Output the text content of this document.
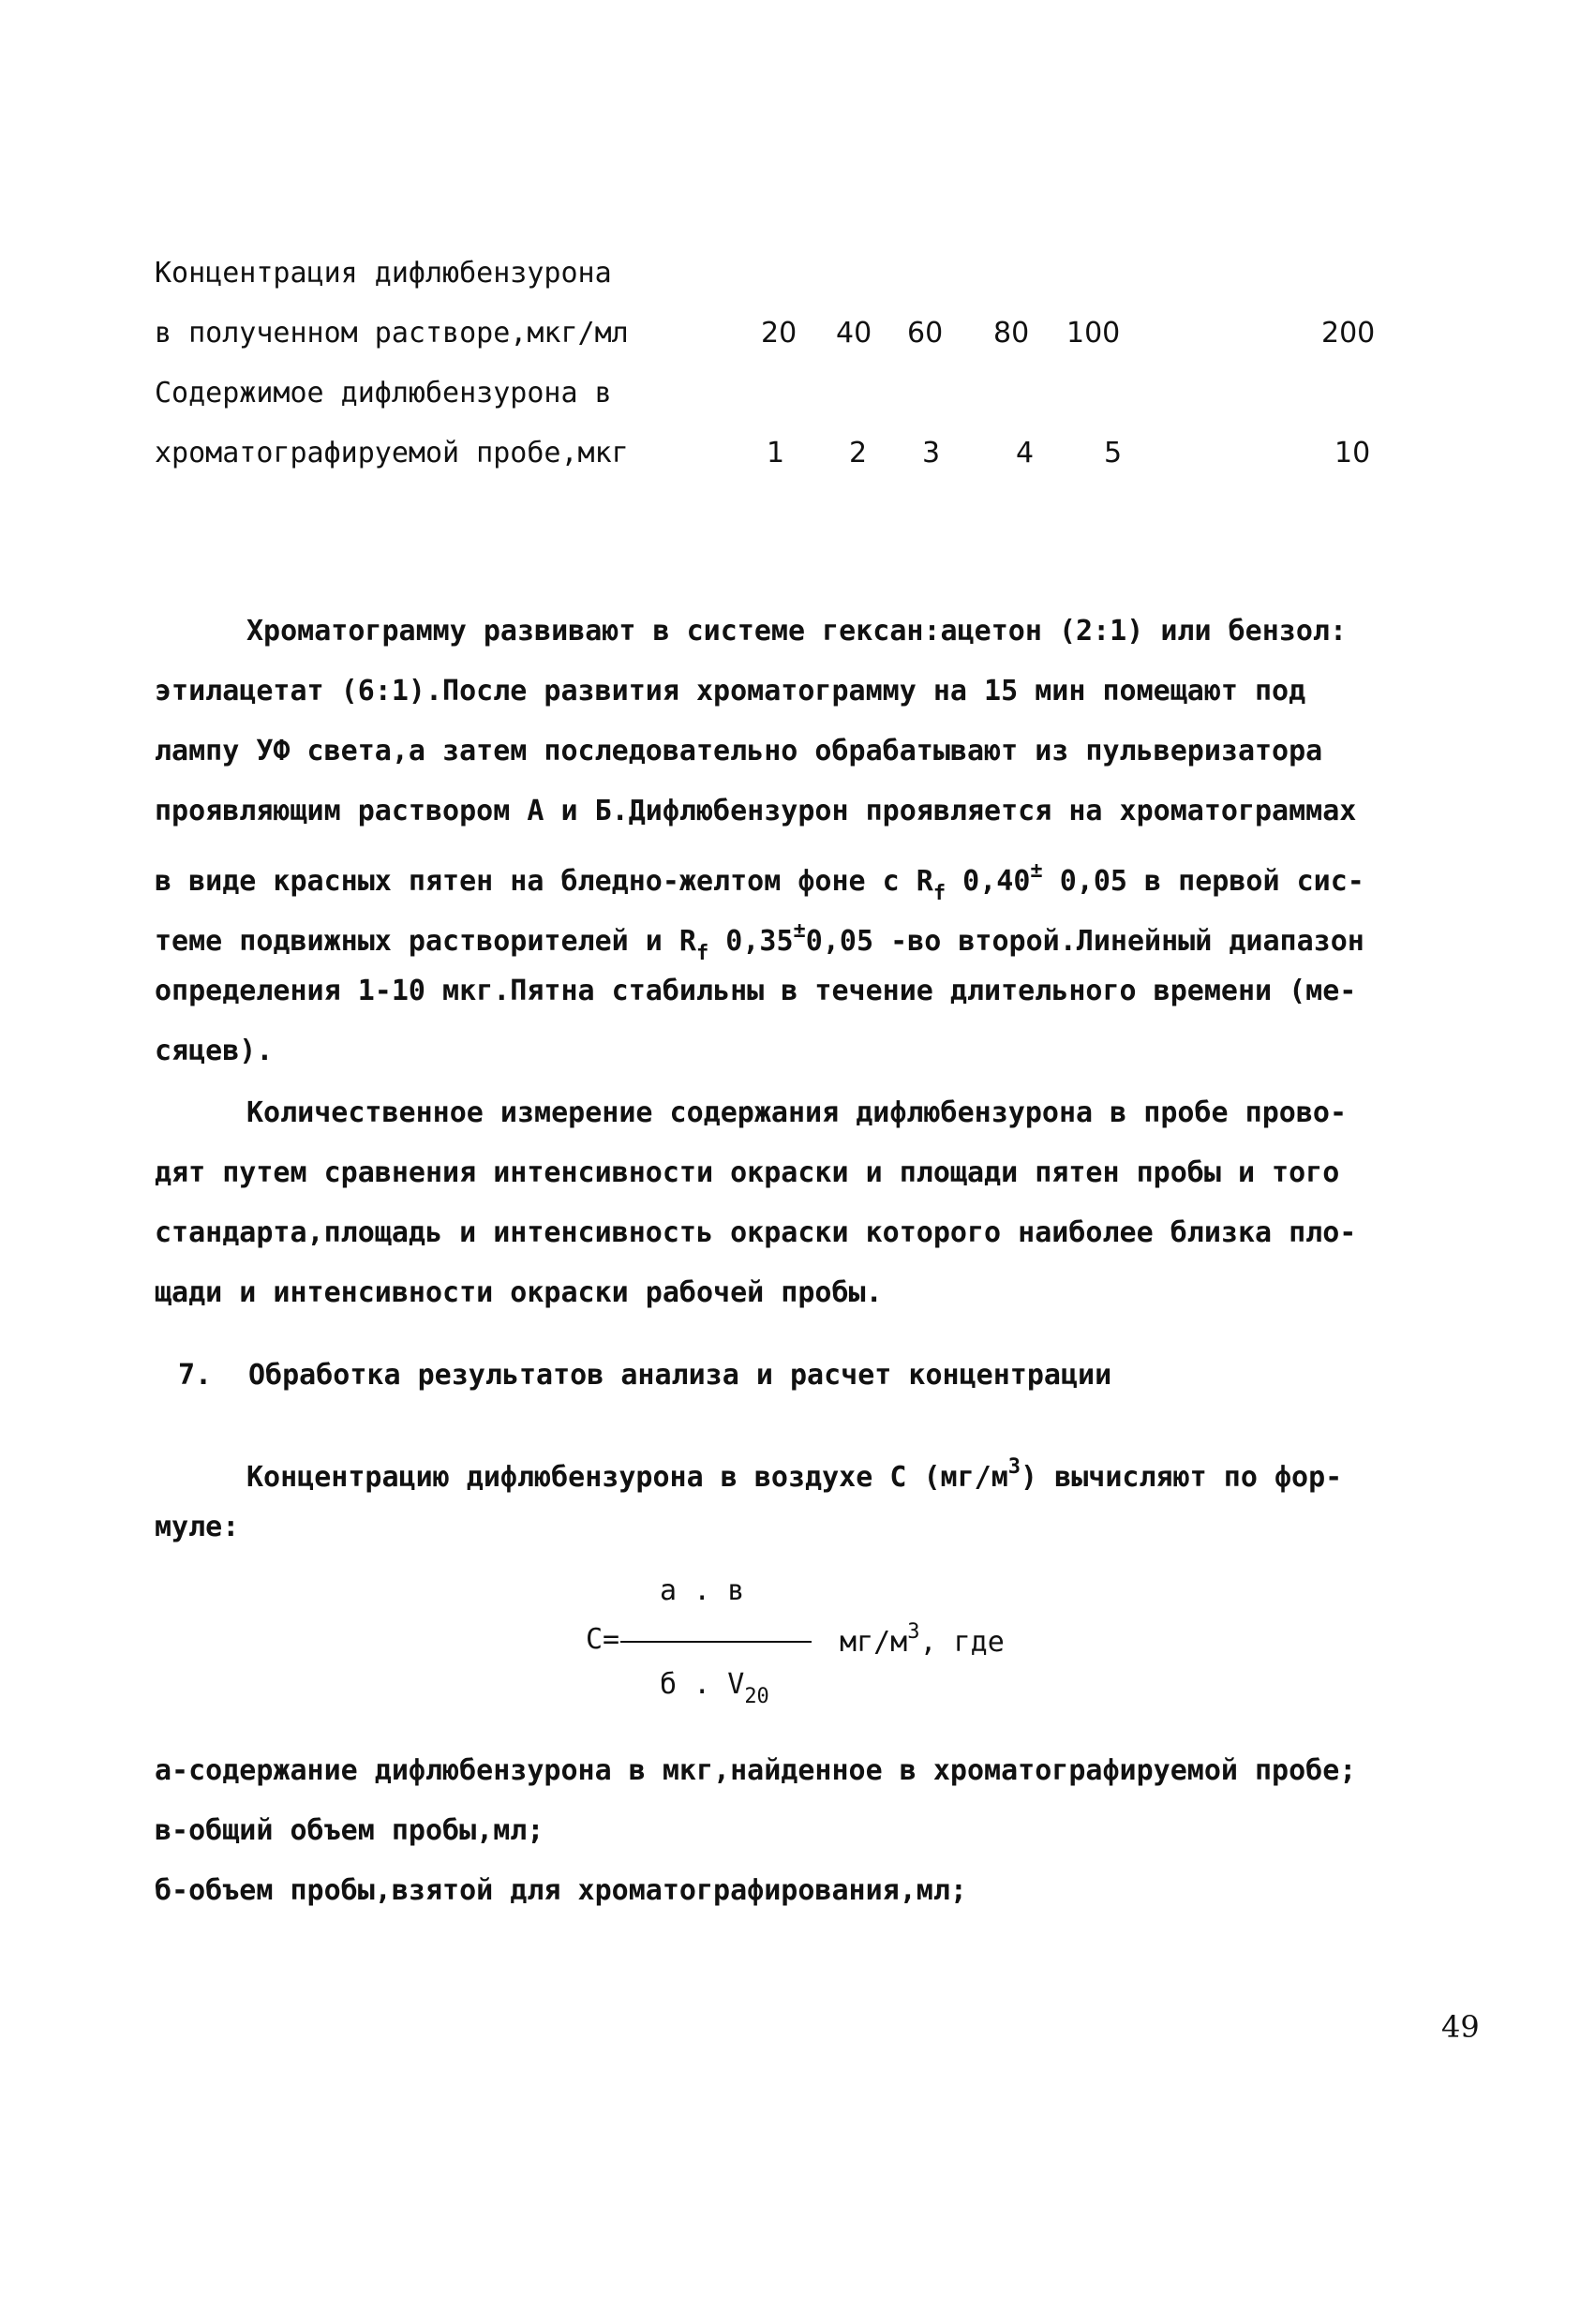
Концентрация дифлюбензурона
в полученном растворе,мкг/мл	20 40 60 80 100	200
Содержимое дифлюбензурона в
хроматографируемой пробе,мкг	1 2 3	4 5	10
Хроматограмму развивают в системе гексан:ацетон (2:1) или бензол:
этилацетат (6:1).После развития хроматограмму на 15 мин помещают под
лампу УФ света,а затем последовательно обрабатывают из пульверизатора
проявляющим раствором А и Б.Дифлюбензурон проявляется на хроматограммах
в виде красных пятен на бледно-желтом фоне с $R_f$ 0,40± 0,05 в первой сис-
теме подвижных растворителей и $R_f$ 0,35±0,05 -во второй.Линейный диапазон
определения 1-10 мкг.Пятна стабильны в течение длительного времени (ме-
сяцев).
Количественное измерение содержания дифлюбензурона в пробе прово-
дят путем сравнения интенсивности окраски и площади пятен пробы и того
стандарта,площадь и интенсивность окраски которого наиболее близка пло-
щади и интенсивности окраски рабочей пробы.
7. Обработка результатов анализа и расчет концентрации
Концентрацию дифлюбензурона в воздухе С $(мг/м^3)$ вычисляют по фор-
муле:
а . в
С=	$мг/м^3$, где
б . $V_{20}$
а-содержание дифлюбензурона в мкг,найденное в хроматографируемой пробе;
в-общий объем пробы,мл;
б-объем пробы,взятой для хроматографирования,мл;
49
